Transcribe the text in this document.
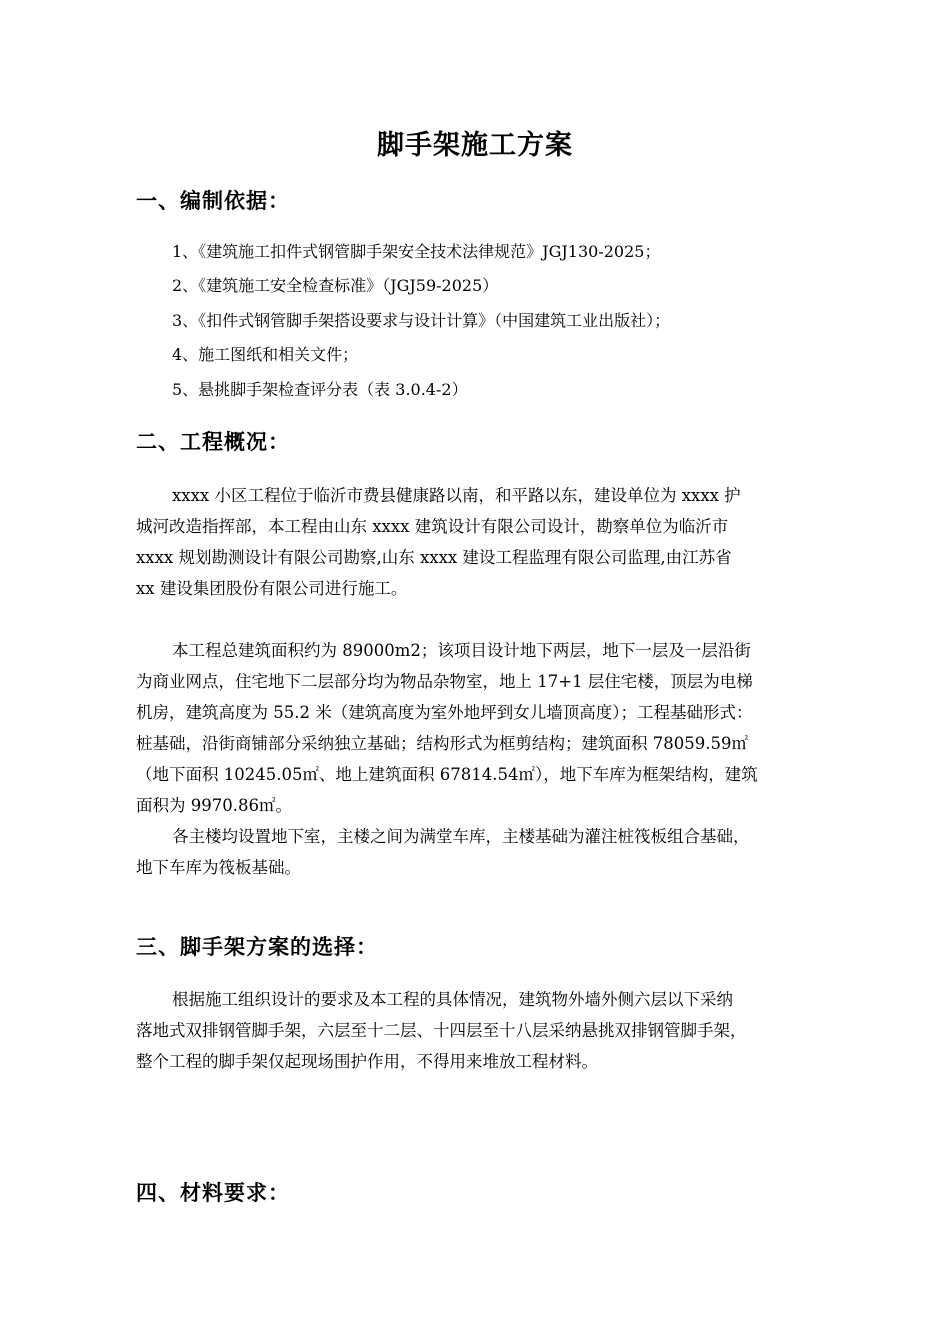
脚手架施工方案
一、编制依据：
1、《建筑施工扣件式钢管脚手架安全技术法律规范》JGJ130-2025；
2、《建筑施工安全检查标准》（JGJ59-2025）
3、《扣件式钢管脚手架搭设要求与设计计算》（中国建筑工业出版社）；
4、施工图纸和相关文件；
5、悬挑脚手架检查评分表（表 3.0.4-2）
二、工程概况：
xxxx 小区工程位于临沂市费县健康路以南，和平路以东，建设单位为 xxxx 护
城河改造指挥部，本工程由山东 xxxx 建筑设计有限公司设计，勘察单位为临沂市
xxxx 规划勘测设计有限公司勘察,山东 xxxx 建设工程监理有限公司监理,由江苏省
xx 建设集团股份有限公司进行施工。
本工程总建筑面积约为 89000m2；该项目设计地下两层，地下一层及一层沿街
为商业网点，住宅地下二层部分均为物品杂物室，地上 17+1 层住宅楼，顶层为电梯
机房，建筑高度为 55.2 米（建筑高度为室外地坪到女儿墙顶高度）；工程基础形式：
桩基础，沿街商铺部分采纳独立基础；结构形式为框剪结构；建筑面积 78059.59㎡
（地下面积 10245.05㎡、地上建筑面积 67814.54㎡），地下车库为框架结构，建筑
面积为 9970.86㎡。
各主楼均设置地下室，主楼之间为满堂车库，主楼基础为灌注桩筏板组合基础，
地下车库为筏板基础。
三、脚手架方案的选择：
根据施工组织设计的要求及本工程的具体情况，建筑物外墙外侧六层以下采纳
落地式双排钢管脚手架，六层至十二层、十四层至十八层采纳悬挑双排钢管脚手架，
整个工程的脚手架仅起现场围护作用，不得用来堆放工程材料。
四、材料要求：
